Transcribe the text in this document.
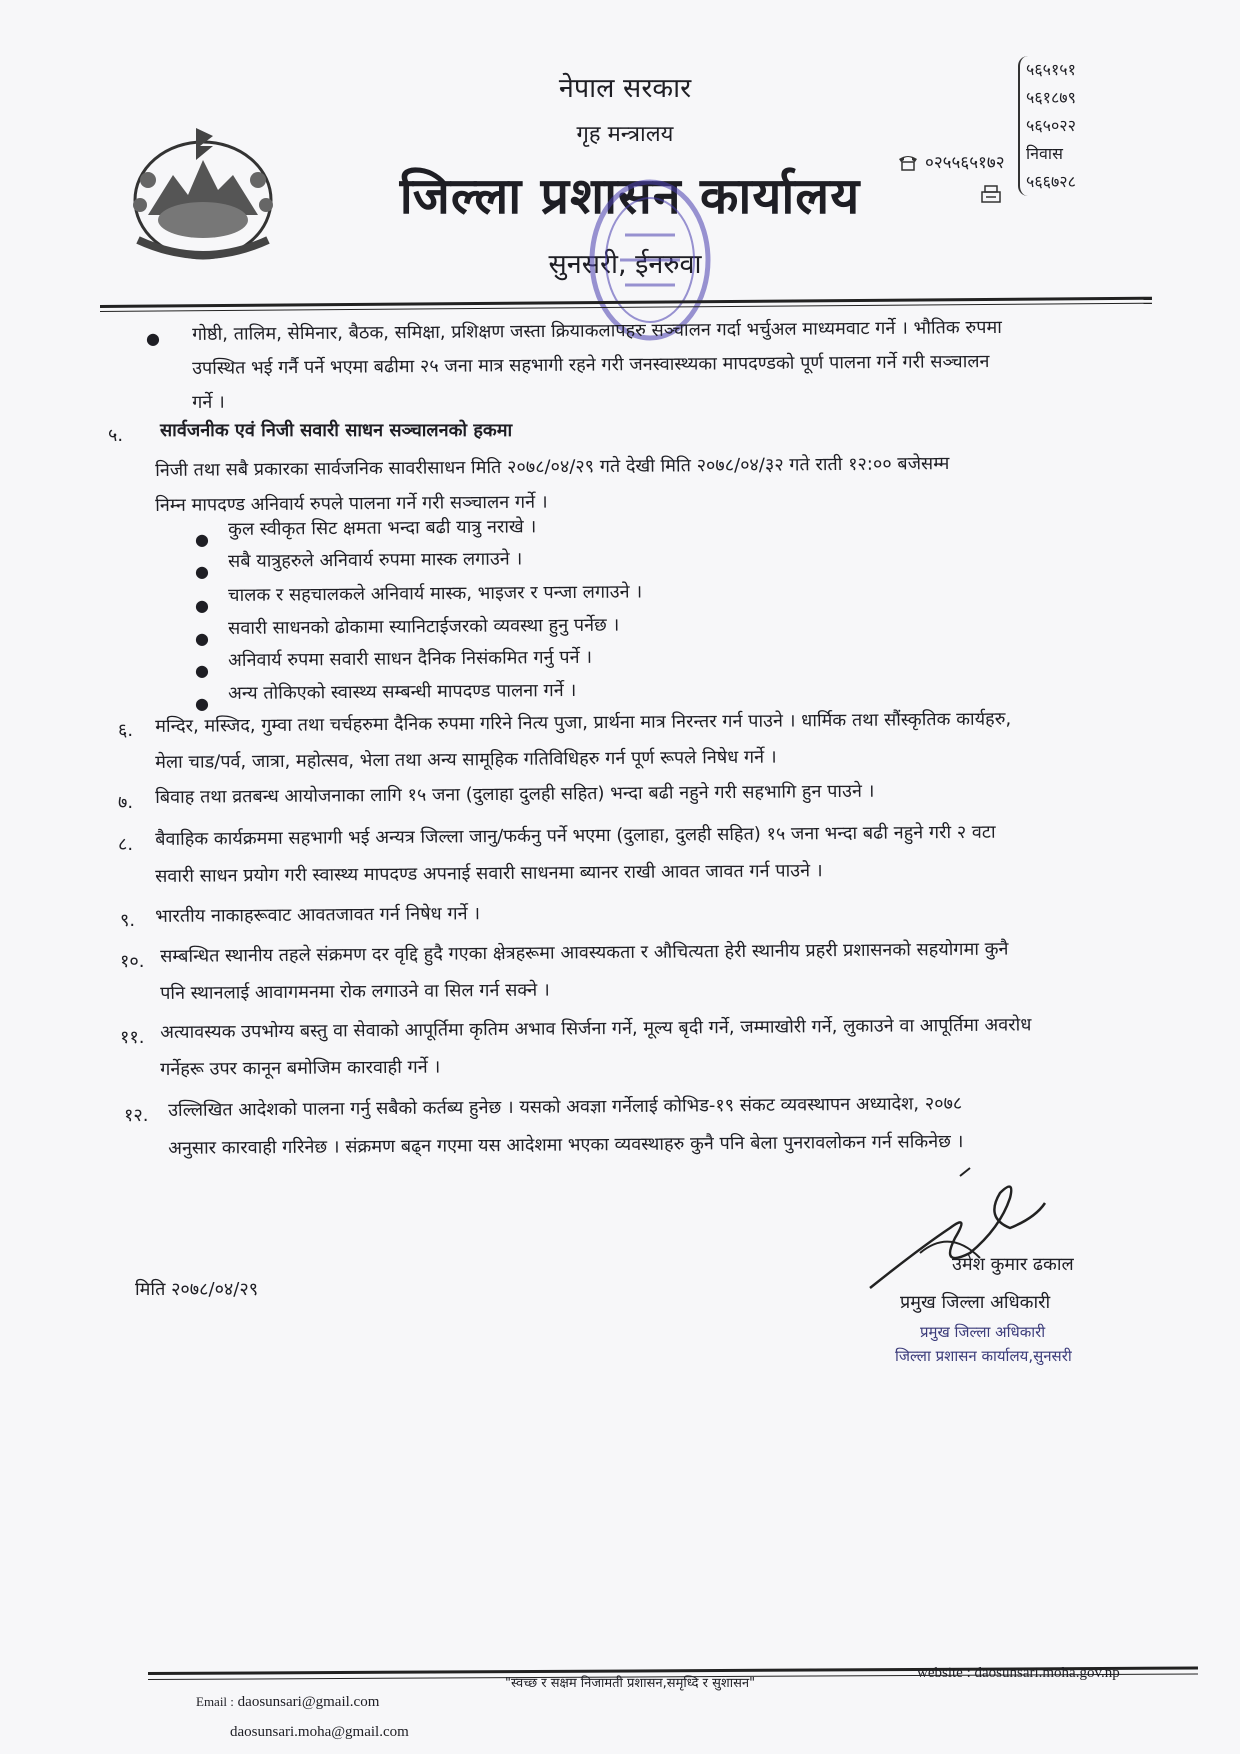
नेपाल सरकार
गृह मन्त्रालय
जिल्ला प्रशासन कार्यालय
सुनसरी, ईनरुवा
५६५१५१
५६१८७९
५६५०२२
निवास
५६६७२८
०२५५६५१७२
● गोष्ठी, तालिम, सेमिनार, बैठक, समिक्षा, प्रशिक्षण जस्ता क्रियाकलापहरु सञ्चालन गर्दा भर्चुअल माध्यमवाट गर्ने । भौतिक रुपमा
उपस्थित भई गर्नै पर्ने भएमा बढीमा २५ जना मात्र सहभागी रहने गरी जनस्वास्थ्यका मापदण्डको पूर्ण पालना गर्ने गरी सञ्चालन
गर्ने ।
५. सार्वजनीक एवं निजी सवारी साधन सञ्चालनको हकमा
निजी तथा सबै प्रकारका सार्वजनिक सावरीसाधन मिति २०७८/०४/२९ गते देखी मिति २०७८/०४/३२ गते राती १२:०० बजेसम्म
निम्न मापदण्ड अनिवार्य रुपले पालना गर्ने गरी सञ्चालन गर्ने ।
● कुल स्वीकृत सिट क्षमता भन्दा बढी यात्रु नराखे ।
● सबै यात्रुहरुले अनिवार्य रुपमा मास्क लगाउने ।
● चालक र सहचालकले अनिवार्य मास्क, भाइजर र पन्जा लगाउने ।
● सवारी साधनको ढोकामा स्यानिटाईजरको व्यवस्था हुनु पर्नेछ ।
● अनिवार्य रुपमा सवारी साधन दैनिक निसंकमित गर्नु पर्ने ।
● अन्य तोकिएको स्वास्थ्य सम्बन्धी मापदण्ड पालना गर्ने ।
६. मन्दिर, मस्जिद, गुम्वा तथा चर्चहरुमा दैनिक रुपमा गरिने नित्य पुजा, प्रार्थना मात्र निरन्तर गर्न पाउने । धार्मिक तथा सौंस्कृतिक कार्यहरु,
मेला चाड/पर्व, जात्रा, महोत्सव, भेला तथा अन्य सामूहिक गतिविधिहरु गर्न पूर्ण रूपले निषेध गर्ने ।
७. बिवाह तथा व्रतबन्ध आयोजनाका लागि १५ जना (दुलाहा दुलही सहित) भन्दा बढी नहुने गरी सहभागि हुन पाउने ।
८. बैवाहिक कार्यक्रममा सहभागी भई अन्यत्र जिल्ला जानु/फर्कनु पर्ने भएमा (दुलाहा, दुलही सहित) १५ जना भन्दा बढी नहुने गरी २ वटा
सवारी साधन प्रयोग गरी स्वास्थ्य मापदण्ड अपनाई सवारी साधनमा ब्यानर राखी आवत जावत गर्न पाउने ।
९. भारतीय नाकाहरूवाट आवतजावत गर्न निषेध गर्ने ।
१०. सम्बन्धित स्थानीय तहले संक्रमण दर वृद्दि हुदै गएका क्षेत्रहरूमा आवस्यकता र औचित्यता हेरी स्थानीय प्रहरी प्रशासनको सहयोगमा कुनै
पनि स्थानलाई आवागमनमा रोक लगाउने वा सिल गर्न सक्ने ।
११. अत्यावस्यक उपभोग्य बस्तु वा सेवाको आपूर्तिमा कृतिम अभाव सिर्जना गर्ने, मूल्य बृदी गर्ने, जम्माखोरी गर्ने, लुकाउने वा आपूर्तिमा अवरोध
गर्नेहरू उपर कानून बमोजिम कारवाही गर्ने ।
१२. उल्लिखित आदेशको पालना गर्नु सबैको कर्तब्य हुनेछ । यसको अवज्ञा गर्नेलाई कोभिड-१९ संकट व्यवस्थापन अध्यादेश, २०७८
अनुसार कारवाही गरिनेछ । संक्रमण बढ्न गएमा यस आदेशमा भएका व्यवस्थाहरु कुनै पनि बेला पुनरावलोकन गर्न सकिनेछ ।
मिति २०७८/०४/२९
उमेश कुमार ढकाल
प्रमुख जिल्ला अधिकारी
प्रमुख जिल्ला अधिकारी
जिल्ला प्रशासन कार्यालय,सुनसरी
Email : daosunsari@gmail.com
daosunsari.moha@gmail.com
"स्वच्छ र सक्षम निजामती प्रशासन,समृध्दि र सुशासन"
website : daosunsari.moha.gov.np
